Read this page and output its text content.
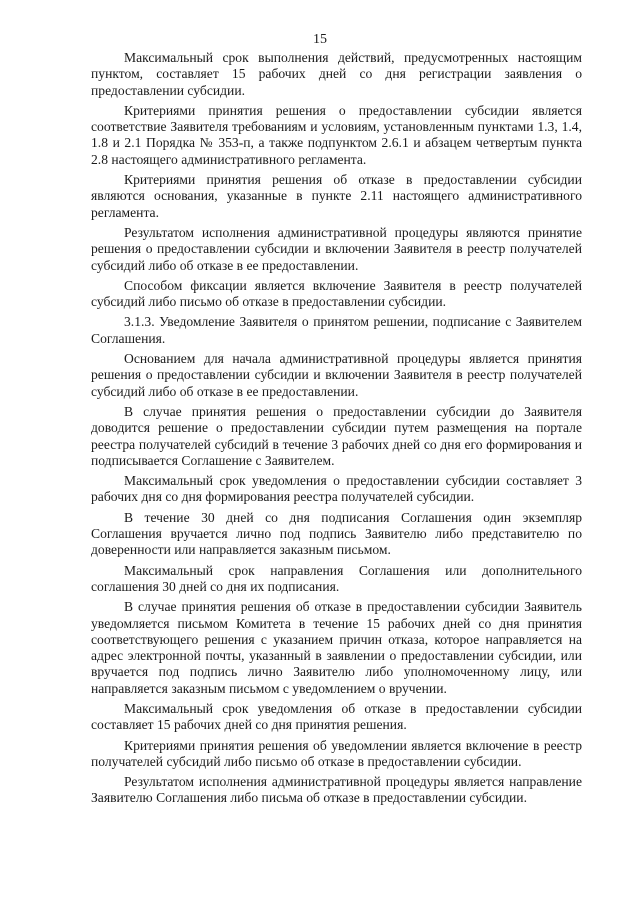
15

Максимальный срок выполнения действий, предусмотренных настоящим пунктом, составляет 15 рабочих дней со дня регистрации заявления о предоставлении субсидии.

Критериями принятия решения о предоставлении субсидии является соответствие Заявителя требованиям и условиям, установленным пунктами 1.3, 1.4, 1.8 и 2.1 Порядка № 353-п, а также подпунктом 2.6.1 и абзацем четвертым пункта 2.8 настоящего административного регламента.

Критериями принятия решения об отказе в предоставлении субсидии являются основания, указанные в пункте 2.11 настоящего административного регламента.

Результатом исполнения административной процедуры являются принятие решения о предоставлении субсидии и включении Заявителя в реестр получателей субсидий либо об отказе в ее предоставлении.

Способом фиксации является включение Заявителя в реестр получателей субсидий либо письмо об отказе в предоставлении субсидии.

3.1.3. Уведомление Заявителя о принятом решении, подписание с Заявителем Соглашения.

Основанием для начала административной процедуры является принятия решения о предоставлении субсидии и включении Заявителя в реестр получателей субсидий либо об отказе в ее предоставлении.

В случае принятия решения о предоставлении субсидии до Заявителя доводится решение о предоставлении субсидии путем размещения на портале реестра получателей субсидий в течение 3 рабочих дней со дня его формирования и подписывается Соглашение с Заявителем.

Максимальный срок уведомления о предоставлении субсидии составляет 3 рабочих дня со дня формирования реестра получателей субсидии.

В течение 30 дней со дня подписания Соглашения один экземпляр Соглашения вручается лично под подпись Заявителю либо представителю по доверенности или направляется заказным письмом.

Максимальный срок направления Соглашения или дополнительного соглашения 30 дней со дня их подписания.

В случае принятия решения об отказе в предоставлении субсидии Заявитель уведомляется письмом Комитета в течение 15 рабочих дней со дня принятия соответствующего решения с указанием причин отказа, которое направляется на адрес электронной почты, указанный в заявлении о предоставлении субсидии, или вручается под подпись лично Заявителю либо уполномоченному лицу, или направляется заказным письмом с уведомлением о вручении.

Максимальный срок уведомления об отказе в предоставлении субсидии составляет 15 рабочих дней со дня принятия решения.

Критериями принятия решения об уведомлении является включение в реестр получателей субсидий либо письмо об отказе в предоставлении субсидии.

Результатом исполнения административной процедуры является направление Заявителю Соглашения либо письма об отказе в предоставлении субсидии.
